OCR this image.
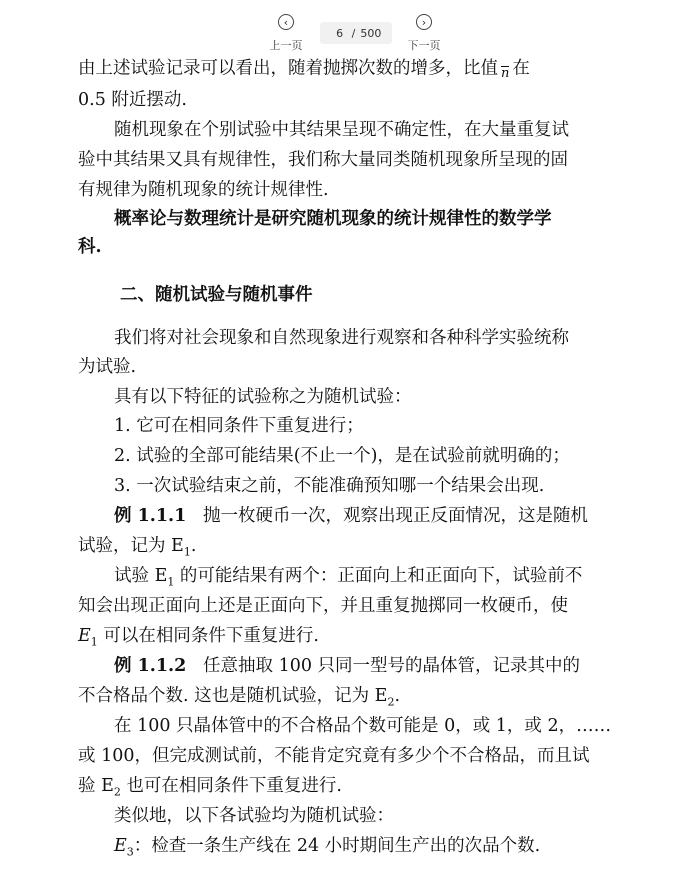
‹
上一页
6
/ 500
›
下一页
由上述试验记录可以看出，随着抛掷次数的增多，比值 n 在
0.5 附近摆动.
随机现象在个别试验中其结果呈现不确定性，在大量重复试
验中其结果又具有规律性，我们称大量同类随机现象所呈现的固
有规律为随机现象的统计规律性.
概率论与数理统计是研究随机现象的统计规律性的数学学
科.
二、随机试验与随机事件
我们将对社会现象和自然现象进行观察和各种科学实验统称
为试验.
具有以下特征的试验称之为随机试验：
1. 它可在相同条件下重复进行；
2. 试验的全部可能结果(不止一个)，是在试验前就明确的；
3. 一次试验结束之前，不能准确预知哪一个结果会出现.
例 1.1.1 抛一枚硬币一次，观察出现正反面情况，这是随机
试验，记为 $E_1$.
试验 $E_1$ 的可能结果有两个：正面向上和正面向下，试验前不
知会出现正面向上还是正面向下，并且重复抛掷同一枚硬币，使
$E_1$ 可以在相同条件下重复进行.
例 1.1.2 任意抽取 100 只同一型号的晶体管，记录其中的
不合格品个数. 这也是随机试验，记为 $E_2$.
在 100 只晶体管中的不合格品个数可能是 0，或 1，或 2，……
或 100，但完成测试前，不能肯定究竟有多少个不合格品，而且试
验 $E_2$ 也可在相同条件下重复进行.
类似地，以下各试验均为随机试验：
$E_3$：检查一条生产线在 24 小时期间生产出的次品个数.
